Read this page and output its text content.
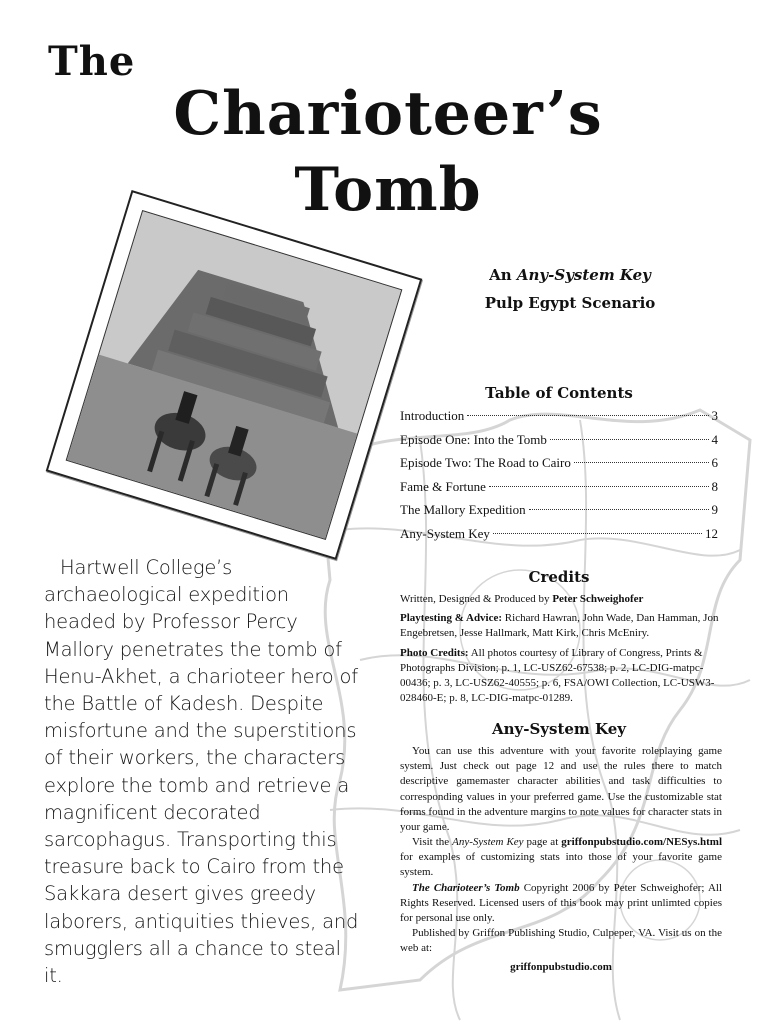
The
Charioteer’s
Tomb
An Any-System Key
Pulp Egypt Scenario
Table of Contents
Introduction	3
Episode One: Into the Tomb	4
Episode Two: The Road to Cairo	6
Fame & Fortune	8
The Mallory Expedition	9
Any-System Key	12
Credits

Written, Designed & Produced by Peter Schweighofer

Playtesting & Advice: Richard Hawran, John Wade, Dan Hamman, Jon Engebretsen, Jesse Hallmark, Matt Kirk, Chris McEniry.

Photo Credits: All photos courtesy of Library of Congress, Prints & Photographs Division; p. 1, LC-USZ62-67538; p. 2, LC-DIG-matpc-00436; p. 3, LC-USZ62-40555; p. 6, FSA/OWI Collection, LC-USW3-028460-E; p. 8, LC-DIG-matpc-01289.

Any-System Key

You can use this adventure with your favorite roleplaying game system. Just check out page 12 and use the rules there to match descriptive gamemaster character abilities and task difficulties to corresponding values in your preferred game. Use the customizable stat forms found in the adventure margins to note values for character stats in your game.

Visit the Any-System Key page at griffonpubstudio.com/NESys.html for examples of customizing stats into those of your favorite game system.

The Charioteer’s Tomb Copyright 2006 by Peter Schweighofer; All Rights Reserved. Licensed users of this book may print unlimted copies for personal use only.

Published by Griffon Publishing Studio, Culpeper, VA. Visit us on the web at:

griffonpubstudio.com

Hartwell College’s archaeological expedition headed by Professor Percy Mallory penetrates the tomb of Henu-Akhet, a charioteer hero of the Battle of Kadesh. Despite misfortune and the superstitions of their workers, the characters explore the tomb and retrieve a magnificent decorated sarcophagus. Transporting this treasure back to Cairo from the Sakkara desert gives greedy laborers, antiquities thieves, and smugglers all a chance to steal it.
